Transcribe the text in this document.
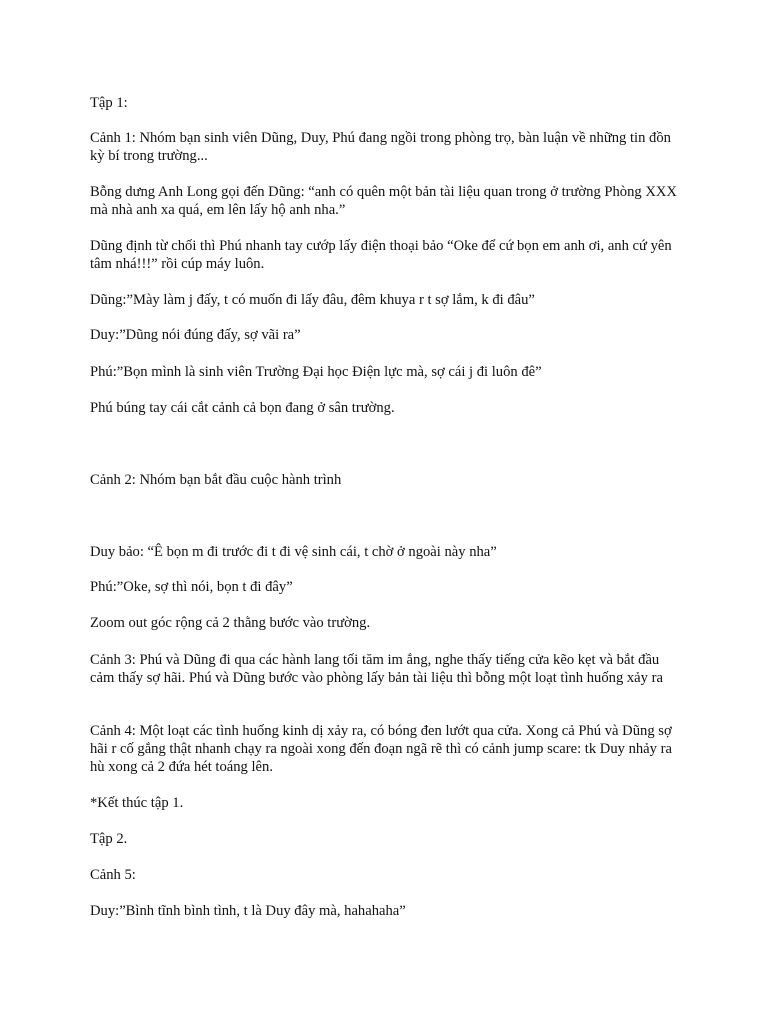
Tập 1:

Cảnh 1: Nhóm bạn sinh viên Dũng, Duy, Phú đang ngồi trong phòng trọ, bàn luận về những tin đồn kỳ bí trong trường...

Bỗng dưng Anh Long gọi đến Dũng: “anh có quên một bản tài liệu quan trong ở trường Phòng XXX mà nhà anh xa quá, em lên lấy hộ anh nha.”

Dũng định từ chối thì Phú nhanh tay cướp lấy điện thoại bảo “Oke để cứ bọn em anh ơi, anh cứ yên tâm nhá!!!” rồi cúp máy luôn.

Dũng:”Mày làm j đấy, t có muốn đi lấy đâu, đêm khuya r t sợ lắm, k đi đâu”

Duy:”Dũng nói đúng đấy, sợ vãi ra”

Phú:”Bọn mình là sinh viên Trường Đại học Điện lực mà, sợ cái j đi luôn đê”

Phú búng tay cái cắt cảnh cả bọn đang ở sân trường.

Cảnh 2: Nhóm bạn bắt đầu cuộc hành trình

Duy bảo: “Ê bọn m đi trước đi t đi vệ sinh cái, t chờ ở ngoài này nha”

Phú:”Oke, sợ thì nói, bọn t đi đây”

Zoom out góc rộng cả 2 thằng bước vào trường.

Cảnh 3: Phú và Dũng đi qua các hành lang tối tăm im ắng, nghe thấy tiếng cửa kẽo kẹt và bắt đầu cảm thấy sợ hãi. Phú và Dũng bước vào phòng lấy bản tài liệu thì bỗng một loạt tình huống xảy ra

Cảnh 4: Một loạt các tình huống kinh dị xảy ra, có bóng đen lướt qua cửa. Xong cả Phú và Dũng sợ hãi r cố gắng thật nhanh chạy ra ngoài xong đến đoạn ngã rẽ thì có cảnh jump scare: tk Duy nhảy ra hù xong cả 2 đứa hét toáng lên.

*Kết thúc tập 1.

Tập 2.

Cảnh 5:

Duy:”Bình tĩnh bình tình, t là Duy đây mà, hahahaha”
